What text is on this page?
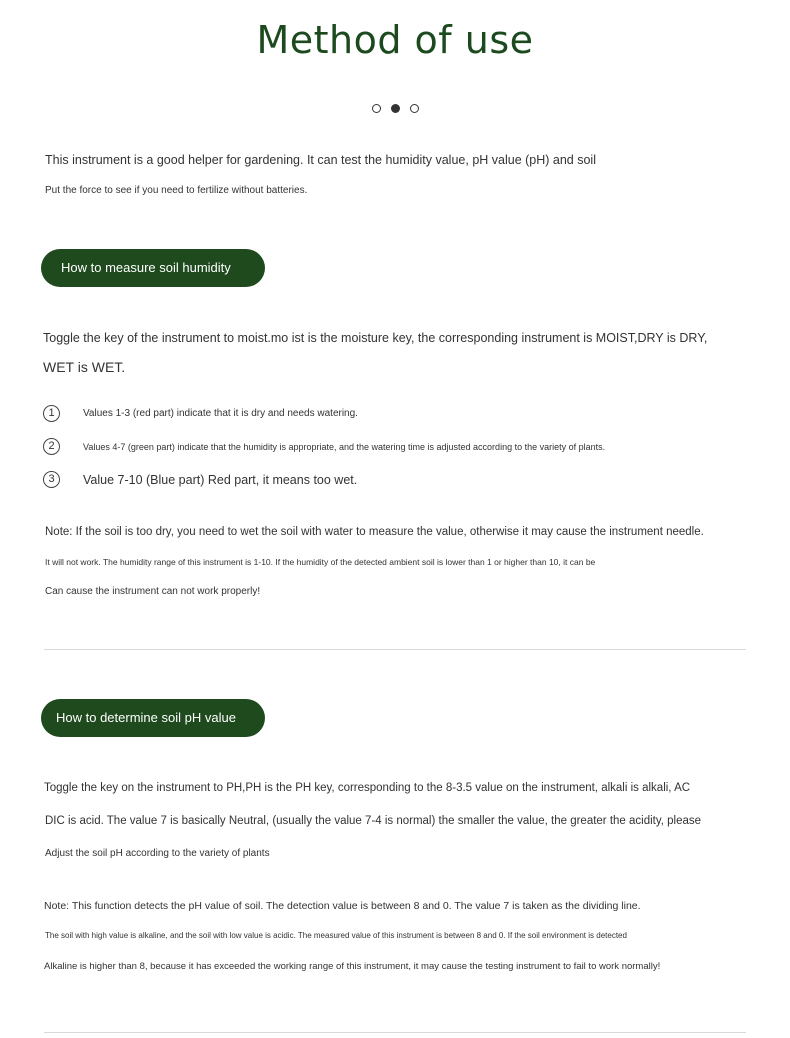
Method of use
This instrument is a good helper for gardening. It can test the humidity value, pH value (pH) and soil
Put the force to see if you need to fertilize without batteries.
How to measure soil humidity
Toggle the key of the instrument to moist.mo ist is the moisture key, the corresponding instrument is MOIST,DRY is DRY,
WET is WET.
1	Values 1-3 (red part) indicate that it is dry and needs watering.
2	Values 4-7 (green part) indicate that the humidity is appropriate, and the watering time is adjusted according to the variety of plants.
3	Value 7-10 (Blue part) Red part, it means too wet.
Note: If the soil is too dry, you need to wet the soil with water to measure the value, otherwise it may cause the instrument needle.
It will not work. The humidity range of this instrument is 1-10. If the humidity of the detected ambient soil is lower than 1 or higher than 10, it can be
Can cause the instrument can not work properly!
How to determine soil pH value
Toggle the key on the instrument to PH,PH is the PH key, corresponding to the 8-3.5 value on the instrument, alkali is alkali, AC
DIC is acid. The value 7 is basically Neutral, (usually the value 7-4 is normal) the smaller the value, the greater the acidity, please
Adjust the soil pH according to the variety of plants
Note: This function detects the pH value of soil. The detection value is between 8 and 0. The value 7 is taken as the dividing line.
The soil with high value is alkaline, and the soil with low value is acidic. The measured value of this instrument is between 8 and 0. If the soil environment is detected
Alkaline is higher than 8, because it has exceeded the working range of this instrument, it may cause the testing instrument to fail to work normally!
